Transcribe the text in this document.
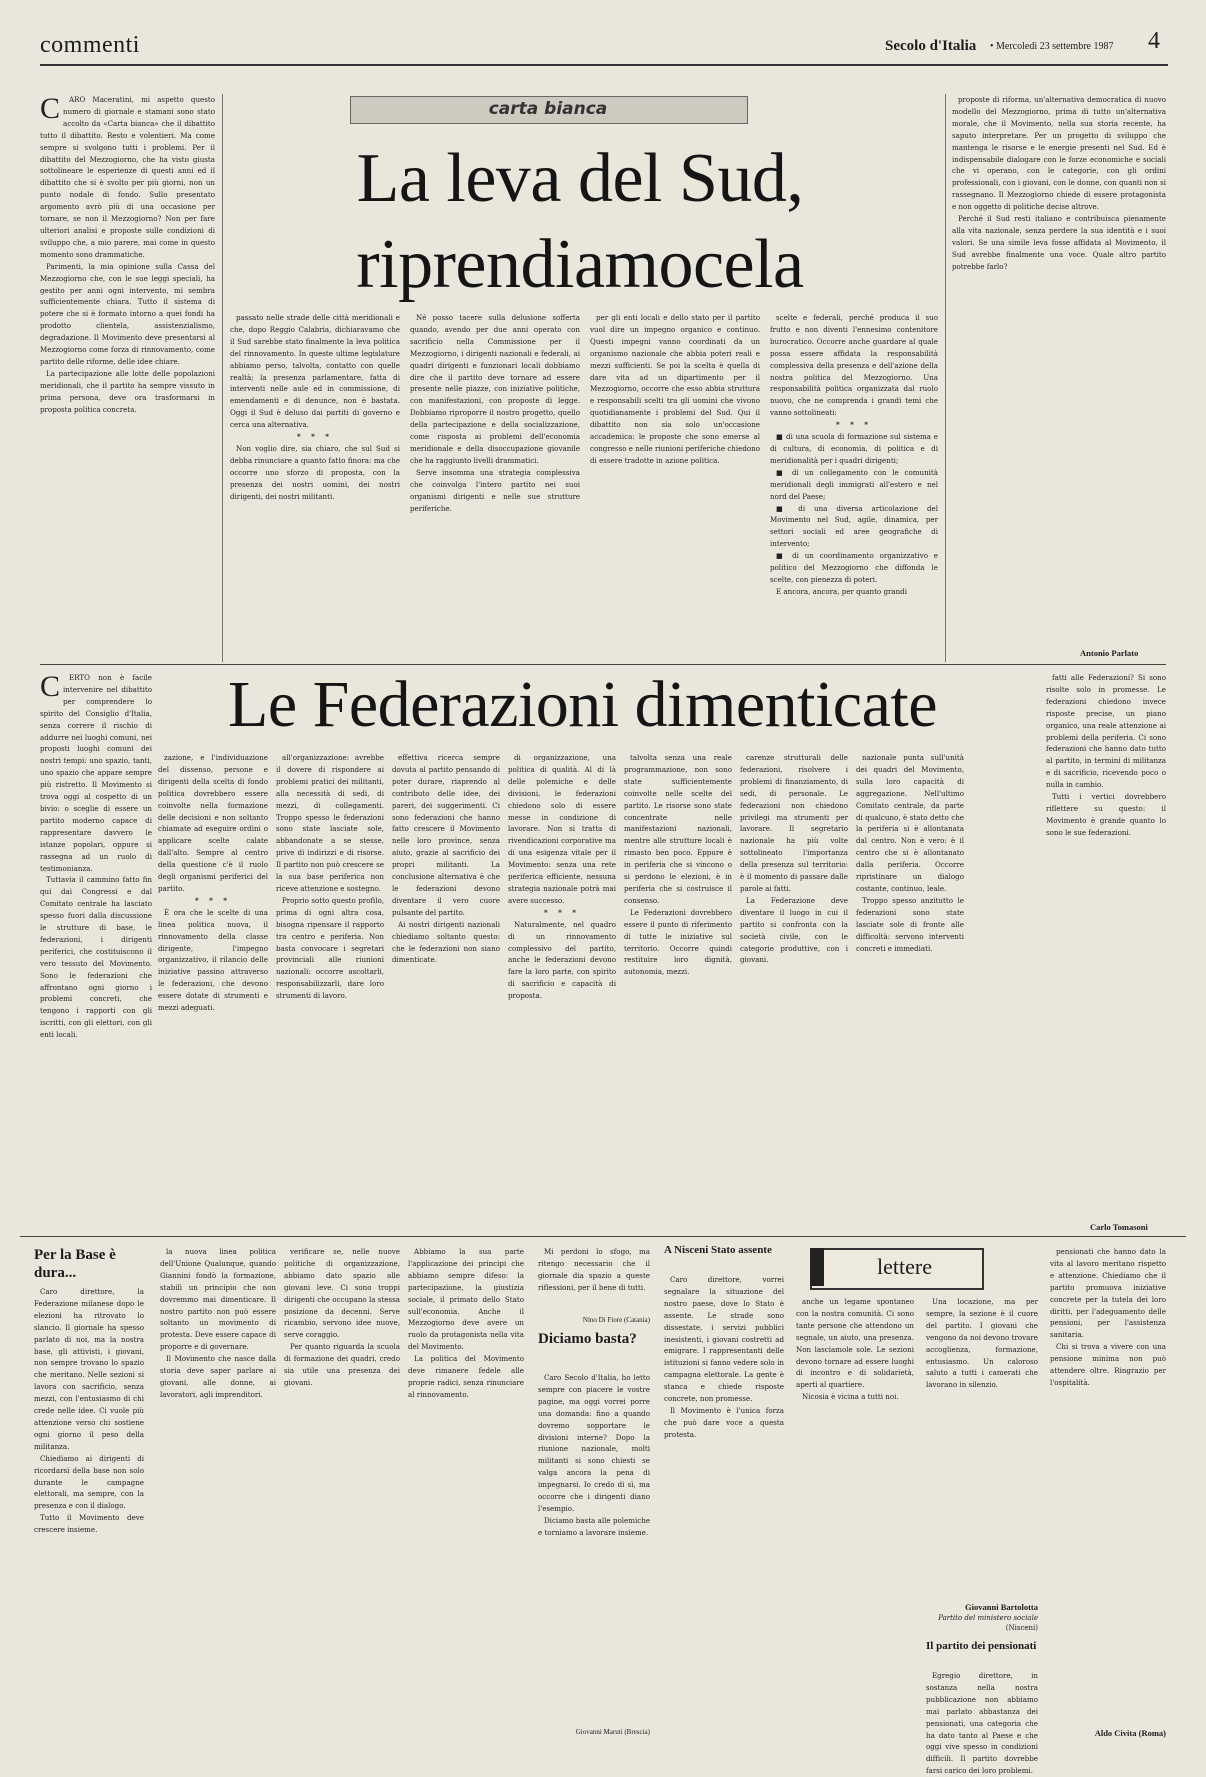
commenti	Secolo d'Italia • Mercoledì 23 settembre 1987 4
carta bianca
La leva del Sud, riprendiamocela
C	ARO Maceratini, mi aspetto questo numero di giornale e stamani sono stato accolto da «Carta bianca» che il dibattito tutto il dibattito. Resto e volentieri. Ma come sempre si svolgono tutti i problemi. Per il dibattito del Mezzogiorno, che ha visto giusta sottolineare le esperienze di questi anni ed il dibattito che si è svolto per più giorni, non un punto nodale di fondo. Sullo presentato argomento avrò più di una occasione per tornare, se non il Mezzogiorno? Non per fare ulteriori analisi e proposte sulle condizioni di sviluppo che, a mio parere, mai come in questo momento sono drammatiche.

Parimenti, la mia opinione sulla Cassa del Mezzogiorno che, con le sue leggi speciali, ha gestito per anni ogni intervento, mi sembra sufficientemente chiara. Tutto il sistema di potere che si è formato intorno a quei fondi ha prodotto clientela, assistenzialismo, degradazione. Il Movimento deve presentarsi al Mezzogiorno come forza di rinnovamento, come partito delle riforme, delle idee chiare.

La partecipazione alle lotte delle popolazioni meridionali, che il partito ha sempre vissuto in prima persona, deve ora trasformarsi in proposta politica concreta.

passato nelle strade delle città meridionali e che, dopo Reggio Calabria, dichiaravamo che il Sud sarebbe stato finalmente la leva politica del rinnovamento. In queste ultime legislature abbiamo perso, talvolta, contatto con quelle realtà; la presenza parlamentare, fatta di interventi nelle aule ed in commissione, di emendamenti e di denunce, non è bastata. Oggi il Sud è deluso dai partiti di governo e cerca una alternativa.

* * *

Non voglio dire, sia chiaro, che sul Sud si debba rinunciare a quanto fatto finora: ma che occorre uno sforzo di proposta, con la presenza dei nostri uomini, dei nostri dirigenti, dei nostri militanti.

Né posso tacere sulla delusione sofferta quando, avendo per due anni operato con sacrificio nella Commissione per il Mezzogiorno, i dirigenti nazionali e federali, ai quadri dirigenti e funzionari locali dobbiamo dire che il partito deve tornare ad essere presente nelle piazze, con iniziative politiche, con manifestazioni, con proposte di legge. Dobbiamo riproporre il nostro progetto, quello della partecipazione e della socializzazione, come risposta ai problemi dell'economia meridionale e della disoccupazione giovanile che ha raggiunto livelli drammatici.

Serve insomma una strategia complessiva che coinvolga l'intero partito nei suoi organismi dirigenti e nelle sue strutture periferiche.

per gli enti locali e dello stato per il partito vuol dire un impegno organico e continuo. Questi impegni vanno coordinati da un organismo nazionale che abbia poteri reali e mezzi sufficienti. Se poi la scelta è quella di dare vita ad un dipartimento per il Mezzogiorno, occorre che esso abbia struttura e responsabili scelti tra gli uomini che vivono quotidianamente i problemi del Sud. Qui il dibattito non sia solo un'occasione accademica: le proposte che sono emerse al congresso e nelle riunioni periferiche chiedono di essere tradotte in azione politica.

scelte e federali, perché produca il suo frutto e non diventi l'ennesimo contenitore burocratico. Occorre anche guardare al quale possa essere affidata la responsabilità complessiva della presenza e dell'azione della nostra politica del Mezzogiorno. Una responsabilità politica organizzata dal ruolo nuovo, che ne comprenda i grandi temi che vanno sottolineati:

* * *

■ di una scuola di formazione sul sistema e di cultura, di economia, di politica e di meridionalità per i quadri dirigenti;

■ di un collegamento con le comunità meridionali degli immigrati all'estero e nel nord del Paese;

■ di una diversa articolazione del Movimento nel Sud, agile, dinamica, per settori sociali ed aree geografiche di intervento;

■ di un coordinamento organizzativo e politico del Mezzogiorno che diffonda le scelte, con pienezza di poteri.

E ancora, ancora, per quanto grandi

proposte di riforma, un'alternativa democratica di nuovo modello del Mezzogiorno, prima di tutto un'alternativa morale, che il Movimento, nella sua storia recente, ha saputo interpretare. Per un progetto di sviluppo che mantenga le risorse e le energie presenti nel Sud. Ed è indispensabile dialogare con le forze economiche e sociali che vi operano, con le categorie, con gli ordini professionali, con i giovani, con le donne, con quanti non si rassegnano. Il Mezzogiorno chiede di essere protagonista e non oggetto di politiche decise altrove.

Perché il Sud resti italiano e contribuisca pienamente alla vita nazionale, senza perdere la sua identità e i suoi valori. Se una simile leva fosse affidata al Movimento, il Sud avrebbe finalmente una voce. Quale altro partito potrebbe farlo?

Antonio Parlato
Le Federazioni dimenticate
C	ERTO non è facile intervenire nel dibattito per comprendere lo spirito del Consiglio d'Italia, senza correre il rischio di addurre nei luoghi comuni, nei proposti luoghi comuni dei nostri tempi: uno spazio, tanti, uno spazio che appare sempre più ristretto. Il Movimento si trova oggi al cospetto di un bivio: o sceglie di essere un partito moderno capace di rappresentare davvero le istanze popolari, oppure si rassegna ad un ruolo di testimonianza.

Tuttavia il cammino fatto fin qui dai Congressi e dal Comitato centrale ha lasciato spesso fuori dalla discussione le strutture di base, le federazioni, i dirigenti periferici, che costituiscono il vero tessuto del Movimento. Sono le federazioni che affrontano ogni giorno i problemi concreti, che tengono i rapporti con gli iscritti, con gli elettori, con gli enti locali.

zazione, e l'individuazione del dissenso, persone e dirigenti della scelta di fondo politica dovrebbero essere coinvolte nella formazione delle decisioni e non soltanto chiamate ad eseguire ordini o applicare scelte calate dall'alto. Sempre al centro della questione c'è il ruolo degli organismi periferici del partito.

* * *

È ora che le scelte di una linea politica nuova, il rinnovamento della classe dirigente, l'impegno organizzativo, il rilancio delle iniziative passino attraverso le federazioni, che devono essere dotate di strumenti e mezzi adeguati.

all'organizzazione: avrebbe il dovere di rispondere ai problemi pratici dei militanti, alla necessità di sedi, di mezzi, di collegamenti. Troppo spesso le federazioni sono state lasciate sole, abbandonate a se stesse, prive di indirizzi e di risorse. Il partito non può crescere se la sua base periferica non riceve attenzione e sostegno.

Proprio sotto questo profilo, prima di ogni altra cosa, bisogna ripensare il rapporto tra centro e periferia. Non basta convocare i segretari provinciali alle riunioni nazionali: occorre ascoltarli, responsabilizzarli, dare loro strumenti di lavoro.

effettiva ricerca sempre dovuta al partito pensando di poter durare, riaprendo al contributo delle idee, dei pareri, dei suggerimenti. Ci sono federazioni che hanno fatto crescere il Movimento nelle loro province, senza aiuto, grazie al sacrificio dei propri militanti. La conclusione alternativa è che le federazioni devono diventare il vero cuore pulsante del partito.

Ai nostri dirigenti nazionali chiediamo soltanto questo: che le federazioni non siano dimenticate.

di organizzazione, una politica di qualità. Al di là delle polemiche e delle divisioni, le federazioni chiedono solo di essere messe in condizione di lavorare. Non si tratta di rivendicazioni corporative ma di una esigenza vitale per il Movimento: senza una rete periferica efficiente, nessuna strategia nazionale potrà mai avere successo.

* * *

Naturalmente, nel quadro di un rinnovamento complessivo del partito, anche le federazioni devono fare la loro parte, con spirito di sacrificio e capacità di proposta.

talvolta senza una reale programmazione, non sono state sufficientemente coinvolte nelle scelte del partito. Le risorse sono state concentrate nelle manifestazioni nazionali, mentre alle strutture locali è rimasto ben poco. Eppure è in periferia che si vincono o si perdono le elezioni, è in periferia che si costruisce il consenso.

Le Federazioni dovrebbero essere il punto di riferimento di tutte le iniziative sul territorio. Occorre quindi restituire loro dignità, autonomia, mezzi.

carenze strutturali delle federazioni, risolvere i problemi di finanziamento, di sedi, di personale. Le federazioni non chiedono privilegi ma strumenti per lavorare. Il segretario nazionale ha più volte sottolineato l'importanza della presenza sul territorio: è il momento di passare dalle parole ai fatti.

La Federazione deve diventare il luogo in cui il partito si confronta con la società civile, con le categorie produttive, con i giovani.

nazionale punta sull'unità dei quadri del Movimento, sulla loro capacità di aggregazione. Nell'ultimo Comitato centrale, da parte di qualcuno, è stato detto che la periferia si è allontanata dal centro. Non è vero: è il centro che si è allontanato dalla periferia. Occorre ripristinare un dialogo costante, continuo, leale.

Troppo spesso anzitutto le federazioni sono state lasciate sole di fronte alle difficoltà: servono interventi concreti e immediati.

fatti alle Federazioni? Si sono risolte solo in promesse. Le federazioni chiedono invece risposte precise, un piano organico, una reale attenzione ai problemi della periferia. Ci sono federazioni che hanno dato tutto al partito, in termini di militanza e di sacrificio, ricevendo poco o nulla in cambio.

Tutti i vertici dovrebbero riflettere su questo: il Movimento è grande quanto lo sono le sue federazioni.

Carlo Tomasoni
lettere
Per la Base è dura...

Caro direttore, la Federazione milanese dopo le elezioni ha ritrovato lo slancio. Il giornale ha spesso parlato di noi, ma la nostra base, gli attivisti, i giovani, non sempre trovano lo spazio che meritano. Nelle sezioni si lavora con sacrificio, senza mezzi, con l'entusiasmo di chi crede nelle idee. Ci vuole più attenzione verso chi sostiene ogni giorno il peso della militanza.

Chiediamo ai dirigenti di ricordarsi della base non solo durante le campagne elettorali, ma sempre, con la presenza e con il dialogo.

Tutto il Movimento deve crescere insieme.

la nuova linea politica dell'Unione Qualunque, quando Giannini fondò la formazione, stabilì un principio che non dovremmo mai dimenticare. Il nostro partito non può essere soltanto un movimento di protesta. Deve essere capace di proporre e di governare.

Il Movimento che nasce dalla storia deve saper parlare ai giovani, alle donne, ai lavoratori, agli imprenditori.

verificare se, nelle nuove politiche di organizzazione, abbiamo dato spazio alle giovani leve. Ci sono troppi dirigenti che occupano la stessa posizione da decenni. Serve ricambio, servono idee nuove, serve coraggio.

Per quanto riguarda la scuola di formazione dei quadri, credo sia utile una presenza dei giovani.

Abbiamo la sua parte l'applicazione dei principi che abbiamo sempre difeso: la partecipazione, la giustizia sociale, il primato dello Stato sull'economia. Anche il Mezzogiorno deve avere un ruolo da protagonista nella vita del Movimento.

La politica del Movimento deve rimanere fedele alle proprie radici, senza rinunciare al rinnovamento.

Mi perdoni lo sfogo, ma ritengo necessario che il giornale dia spazio a queste riflessioni, per il bene di tutti.

Nino Di Fiore (Catania)
Diciamo basta?

Caro Secolo d'Italia, ho letto sempre con piacere le vostre pagine, ma oggi vorrei porre una domanda: fino a quando dovremo sopportare le divisioni interne? Dopo la riunione nazionale, molti militanti si sono chiesti se valga ancora la pena di impegnarsi. Io credo di sì, ma occorre che i dirigenti diano l'esempio.

Diciamo basta alle polemiche e torniamo a lavorare insieme.

Giovanni Maruti (Brescia)
A Nisceni Stato assente

Caro direttore, vorrei segnalare la situazione del nostro paese, dove lo Stato è assente. Le strade sono dissestate, i servizi pubblici inesistenti, i giovani costretti ad emigrare. I rappresentanti delle istituzioni si fanno vedere solo in campagna elettorale. La gente è stanca e chiede risposte concrete, non promesse.

Il Movimento è l'unica forza che può dare voce a questa protesta.

anche un legame spontaneo con la nostra comunità. Ci sono tante persone che attendono un segnale, un aiuto, una presenza. Non lasciamole sole. Le sezioni devono tornare ad essere luoghi di incontro e di solidarietà, aperti al quartiere.

Nicosia è vicina a tutti noi.

Una locazione, ma per sempre, la sezione è il cuore del partito. I giovani che vengono da noi devono trovare accoglienza, formazione, entusiasmo. Un caloroso saluto a tutti i camerati che lavorano in silenzio.

Giovanni Bartolotta
Partito del ministero sociale
(Nisceni)
Il partito dei pensionati

Egregio direttore, in sostanza nella nostra pubblicazione non abbiamo mai parlato abbastanza dei pensionati, una categoria che ha dato tanto al Paese e che oggi vive spesso in condizioni difficili. Il partito dovrebbe farsi carico dei loro problemi.

pensionati che hanno dato la vita al lavoro meritano rispetto e attenzione. Chiediamo che il partito promuova iniziative concrete per la tutela dei loro diritti, per l'adeguamento delle pensioni, per l'assistenza sanitaria.

Chi si trova a vivere con una pensione minima non può attendere oltre. Ringrazio per l'ospitalità.

Aldo Civita (Roma)
